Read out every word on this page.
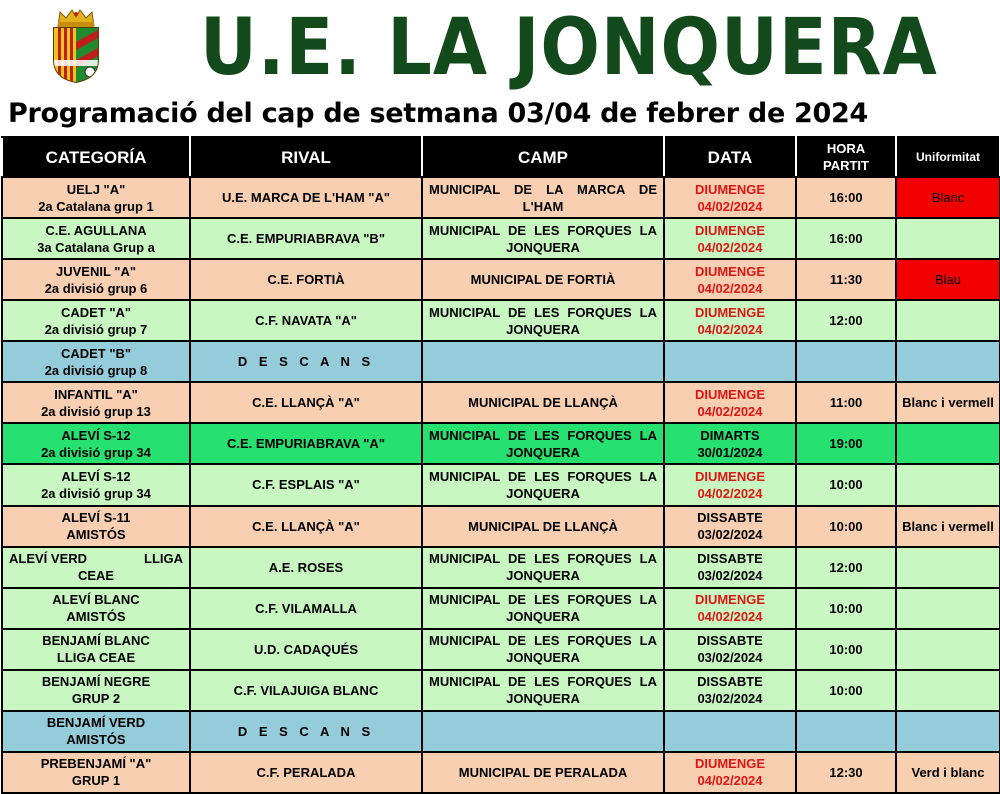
U.E. LA JONQUERA
Programació del cap de setmana 03/04 de febrer de 2024
CATEGORÍA	RIVAL	CAMP	DATA	HORA
PARTIT	Uniformitat

UELJ "A"
2a Catalana grup 1	U.E. MARCA DE L'HAM "A"	MUNICIPAL DE LA MARCA DE L'HAM	DIUMENGE
04/02/2024	16:00	Blanc

C.E. AGULLANA
3a Catalana Grup a	C.E. EMPURIABRAVA "B"	MUNICIPAL DE LES FORQUES LA JONQUERA	DIUMENGE
04/02/2024	16:00	

JUVENIL "A"
2a divisió grup 6	C.E. FORTIÀ	MUNICIPAL DE FORTIÀ	DIUMENGE
04/02/2024	11:30	Blau

CADET "A"
2a divisió grup 7	C.F. NAVATA "A"	MUNICIPAL DE LES FORQUES LA JONQUERA	DIUMENGE
04/02/2024	12:00	

CADET "B"
2a divisió grup 8	D E S C A N S				

INFANTIL "A"
2a divisió grup 13	C.E. LLANÇÀ "A"	MUNICIPAL DE LLANÇÀ	DIUMENGE
04/02/2024	11:00	Blanc i vermell

ALEVÍ S-12
2a divisió grup 34	C.E. EMPURIABRAVA "A"	MUNICIPAL DE LES FORQUES LA JONQUERA	DIMARTS
30/01/2024	19:00	

ALEVÍ S-12
2a divisió grup 34	C.F. ESPLAIS "A"	MUNICIPAL DE LES FORQUES LA JONQUERA	DIUMENGE
04/02/2024	10:00	

ALEVÍ S-11
AMISTÓS	C.E. LLANÇÀ "A"	MUNICIPAL DE LLANÇÀ	DISSABTE
03/02/2024	10:00	Blanc i vermell

ALEVÍ VERD LLIGA
CEAE	A.E. ROSES	MUNICIPAL DE LES FORQUES LA JONQUERA	DISSABTE
03/02/2024	12:00	

ALEVÍ BLANC
AMISTÓS	C.F. VILAMALLA	MUNICIPAL DE LES FORQUES LA JONQUERA	DIUMENGE
04/02/2024	10:00	

BENJAMÍ BLANC
LLIGA CEAE	U.D. CADAQUÉS	MUNICIPAL DE LES FORQUES LA JONQUERA	DISSABTE
03/02/2024	10:00	

BENJAMÍ NEGRE
GRUP 2	C.F. VILAJUIGA BLANC	MUNICIPAL DE LES FORQUES LA JONQUERA	DISSABTE
03/02/2024	10:00	

BENJAMÍ VERD
AMISTÓS	D E S C A N S				

PREBENJAMÍ "A"
GRUP 1	C.F. PERALADA	MUNICIPAL DE PERALADA	DIUMENGE
04/02/2024	12:30	Verd i blanc
